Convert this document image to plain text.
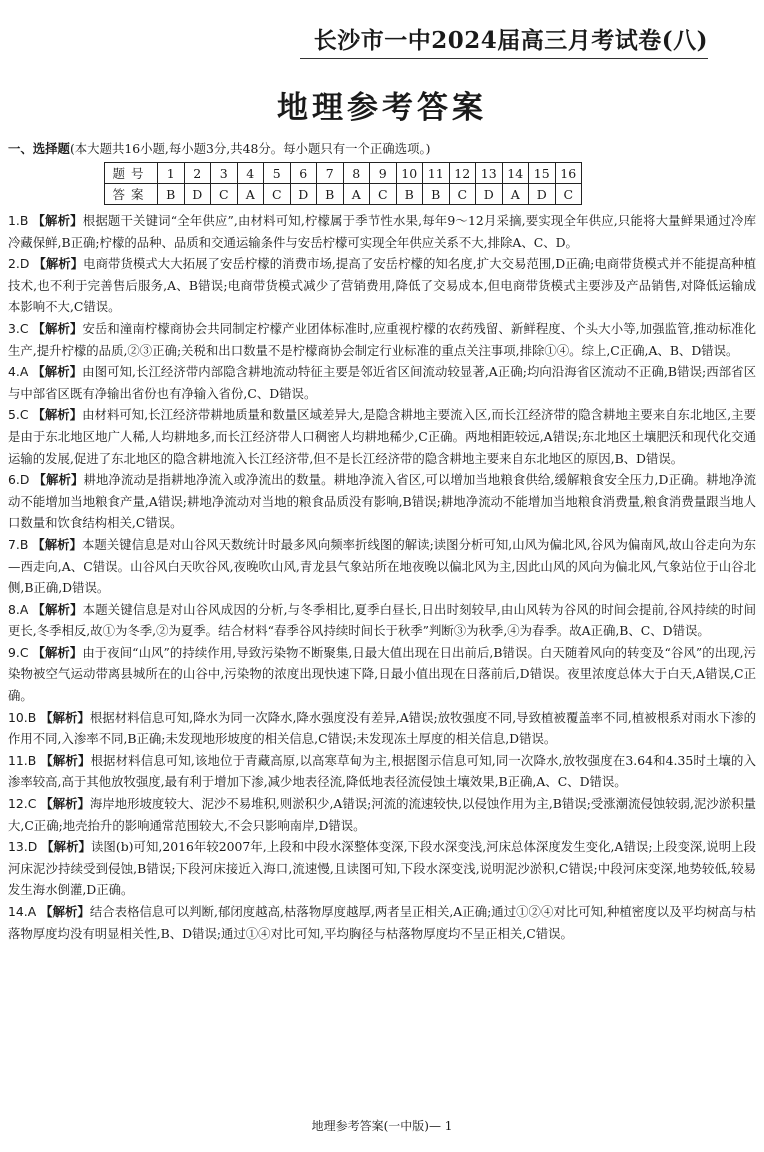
长沙市一中2024届高三月考试卷(八)
地理参考答案
一、选择题(本大题共16小题,每小题3分,共48分。每小题只有一个正确选项。)
题号	1	2	3	4	5	6	7	8	9	10	11	12	13	14	15	16
答案	B	D	C	A	C	D	B	A	C	B	B	C	D	A	D	C
1.B 【解析】根据题干关键词“全年供应”,由材料可知,柠檬属于季节性水果,每年9～12月采摘,要实现全年供应,只能将大量鲜果通过冷库冷藏保鲜,B正确;柠檬的品种、品质和交通运输条件与安岳柠檬可实现全年供应关系不大,排除A、C、D。
2.D 【解析】电商带货模式大大拓展了安岳柠檬的消费市场,提高了安岳柠檬的知名度,扩大交易范围,D正确;电商带货模式并不能提高种植技术,也不利于完善售后服务,A、B错误;电商带货模式减少了营销费用,降低了交易成本,但电商带货模式主要涉及产品销售,对降低运输成本影响不大,C错误。
3.C 【解析】安岳和潼南柠檬商协会共同制定柠檬产业团体标准时,应重视柠檬的农药残留、新鲜程度、个头大小等,加强监管,推动标准化生产,提升柠檬的品质,②③正确;关税和出口数量不是柠檬商协会制定行业标准的重点关注事项,排除①④。综上,C正确,A、B、D错误。
4.A 【解析】由图可知,长江经济带内部隐含耕地流动特征主要是邻近省区间流动较显著,A正确;均向沿海省区流动不正确,B错误;西部省区与中部省区既有净输出省份也有净输入省份,C、D错误。
5.C 【解析】由材料可知,长江经济带耕地质量和数量区域差异大,是隐含耕地主要流入区,而长江经济带的隐含耕地主要来自东北地区,主要是由于东北地区地广人稀,人均耕地多,而长江经济带人口稠密人均耕地稀少,C正确。两地相距较远,A错误;东北地区土壤肥沃和现代化交通运输的发展,促进了东北地区的隐含耕地流入长江经济带,但不是长江经济带的隐含耕地主要来自东北地区的原因,B、D错误。
6.D 【解析】耕地净流动是指耕地净流入或净流出的数量。耕地净流入省区,可以增加当地粮食供给,缓解粮食安全压力,D正确。耕地净流动不能增加当地粮食产量,A错误;耕地净流动对当地的粮食品质没有影响,B错误;耕地净流动不能增加当地粮食消费量,粮食消费量跟当地人口数量和饮食结构相关,C错误。
7.B 【解析】本题关键信息是对山谷风天数统计时最多风向频率折线图的解读;读图分析可知,山风为偏北风,谷风为偏南风,故山谷走向为东—西走向,A、C错误。山谷风白天吹谷风,夜晚吹山风,青龙县气象站所在地夜晚以偏北风为主,因此山风的风向为偏北风,气象站位于山谷北侧,B正确,D错误。
8.A 【解析】本题关键信息是对山谷风成因的分析,与冬季相比,夏季白昼长,日出时刻较早,由山风转为谷风的时间会提前,谷风持续的时间更长,冬季相反,故①为冬季,②为夏季。结合材料“春季谷风持续时间长于秋季”判断③为秋季,④为春季。故A正确,B、C、D错误。
9.C 【解析】由于夜间“山风”的持续作用,导致污染物不断聚集,日最大值出现在日出前后,B错误。白天随着风向的转变及“谷风”的出现,污染物被空气运动带离县城所在的山谷中,污染物的浓度出现快速下降,日最小值出现在日落前后,D错误。夜里浓度总体大于白天,A错误,C正确。
10.B 【解析】根据材料信息可知,降水为同一次降水,降水强度没有差异,A错误;放牧强度不同,导致植被覆盖率不同,植被根系对雨水下渗的作用不同,入渗率不同,B正确;未发现地形坡度的相关信息,C错误;未发现冻土厚度的相关信息,D错误。
11.B 【解析】根据材料信息可知,该地位于青藏高原,以高寒草甸为主,根据图示信息可知,同一次降水,放牧强度在3.64和4.35时土壤的入渗率较高,高于其他放牧强度,最有利于增加下渗,减少地表径流,降低地表径流侵蚀土壤效果,B正确,A、C、D错误。
12.C 【解析】海岸地形坡度较大、泥沙不易堆积,则淤积少,A错误;河流的流速较快,以侵蚀作用为主,B错误;受涨潮流侵蚀较弱,泥沙淤积量大,C正确;地壳抬升的影响通常范围较大,不会只影响南岸,D错误。
13.D 【解析】读图(b)可知,2016年较2007年,上段和中段水深整体变深,下段水深变浅,河床总体深度发生变化,A错误;上段变深,说明上段河床泥沙持续受到侵蚀,B错误;下段河床接近入海口,流速慢,且读图可知,下段水深变浅,说明泥沙淤积,C错误;中段河床变深,地势较低,较易发生海水倒灌,D正确。
14.A 【解析】结合表格信息可以判断,郁闭度越高,枯落物厚度越厚,两者呈正相关,A正确;通过①②④对比可知,种植密度以及平均树高与枯落物厚度均没有明显相关性,B、D错误;通过①④对比可知,平均胸径与枯落物厚度均不呈正相关,C错误。
地理参考答案(一中版)— 1
